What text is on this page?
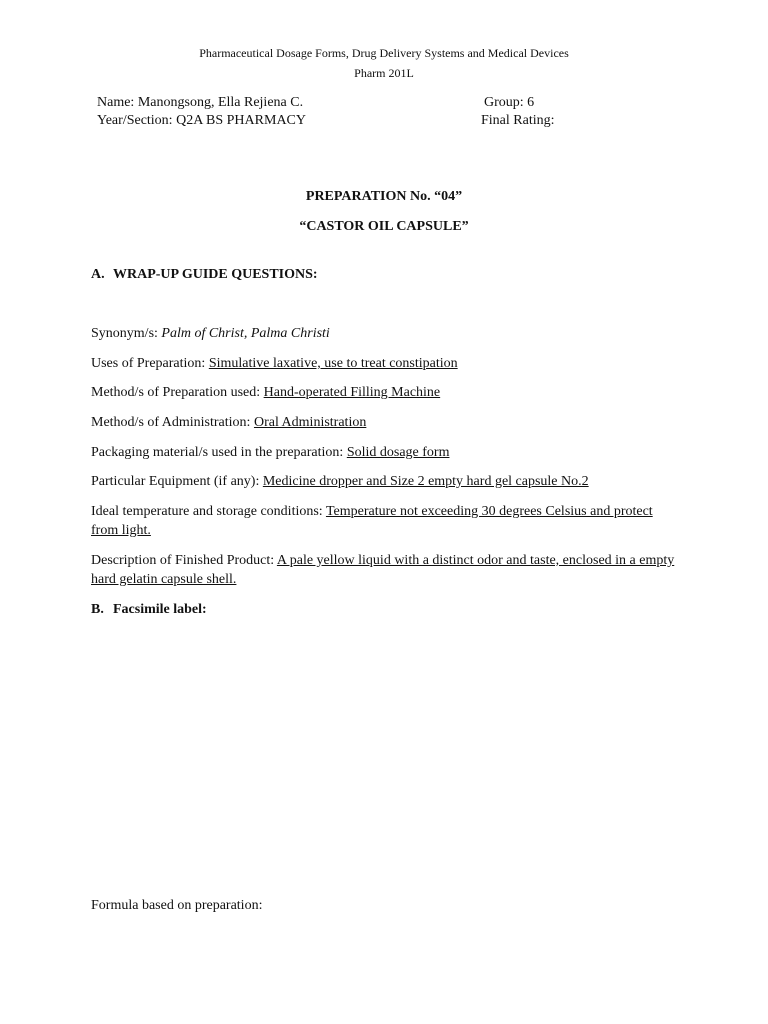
Pharmaceutical Dosage Forms, Drug Delivery Systems and Medical Devices
Pharm 201L
Name: Manongsong, Ella Rejiena C.	Group: 6
Year/Section: Q2A BS PHARMACY	Final Rating:
PREPARATION No. “04”
“CASTOR OIL CAPSULE”
A. WRAP-UP GUIDE QUESTIONS:
Synonym/s: Palm of Christ, Palma Christi
Uses of Preparation: Simulative laxative, use to treat constipation
Method/s of Preparation used: Hand-operated Filling Machine
Method/s of Administration: Oral Administration
Packaging material/s used in the preparation: Solid dosage form
Particular Equipment (if any): Medicine dropper and Size 2 empty hard gel capsule No.2
Ideal temperature and storage conditions: Temperature not exceeding 30 degrees Celsius and protect from light.
Description of Finished Product: A pale yellow liquid with a distinct odor and taste, enclosed in a empty hard gelatin capsule shell.
B. Facsimile label:
Formula based on preparation:
